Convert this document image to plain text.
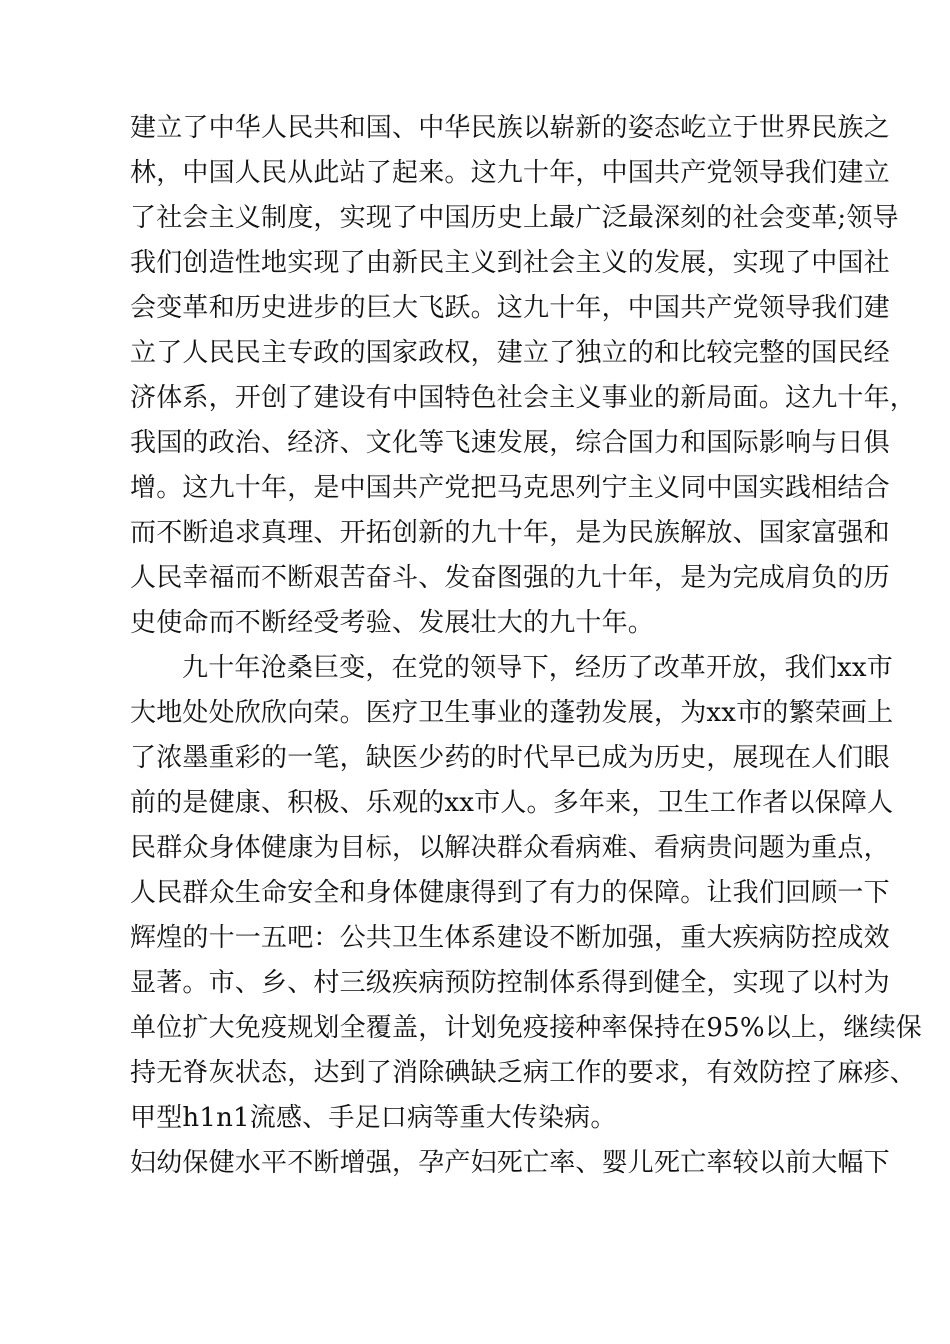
建立了中华人民共和国、中华民族以崭新的姿态屹立于世界民族之
林，中国人民从此站了起来。这九十年，中国共产党领导我们建立
了社会主义制度，实现了中国历史上最广泛最深刻的社会变革;领导
我们创造性地实现了由新民主义到社会主义的发展，实现了中国社
会变革和历史进步的巨大飞跃。这九十年，中国共产党领导我们建
立了人民民主专政的国家政权，建立了独立的和比较完整的国民经
济体系，开创了建设有中国特色社会主义事业的新局面。这九十年，
我国的政治、经济、文化等飞速发展，综合国力和国际影响与日俱
增。这九十年，是中国共产党把马克思列宁主义同中国实践相结合
而不断追求真理、开拓创新的九十年，是为民族解放、国家富强和
人民幸福而不断艰苦奋斗、发奋图强的九十年，是为完成肩负的历
史使命而不断经受考验、发展壮大的九十年。
九十年沧桑巨变，在党的领导下，经历了改革开放，我们xx市
大地处处欣欣向荣。医疗卫生事业的蓬勃发展，为xx市的繁荣画上
了浓墨重彩的一笔，缺医少药的时代早已成为历史，展现在人们眼
前的是健康、积极、乐观的xx市人。多年来，卫生工作者以保障人
民群众身体健康为目标，以解决群众看病难、看病贵问题为重点，
人民群众生命安全和身体健康得到了有力的保障。让我们回顾一下
辉煌的十一五吧：公共卫生体系建设不断加强，重大疾病防控成效
显著。市、乡、村三级疾病预防控制体系得到健全，实现了以村为
单位扩大免疫规划全覆盖，计划免疫接种率保持在95%以上，继续保
持无脊灰状态，达到了消除碘缺乏病工作的要求，有效防控了麻疹、
甲型h1n1流感、手足口病等重大传染病。
妇幼保健水平不断增强，孕产妇死亡率、婴儿死亡率较以前大幅下
